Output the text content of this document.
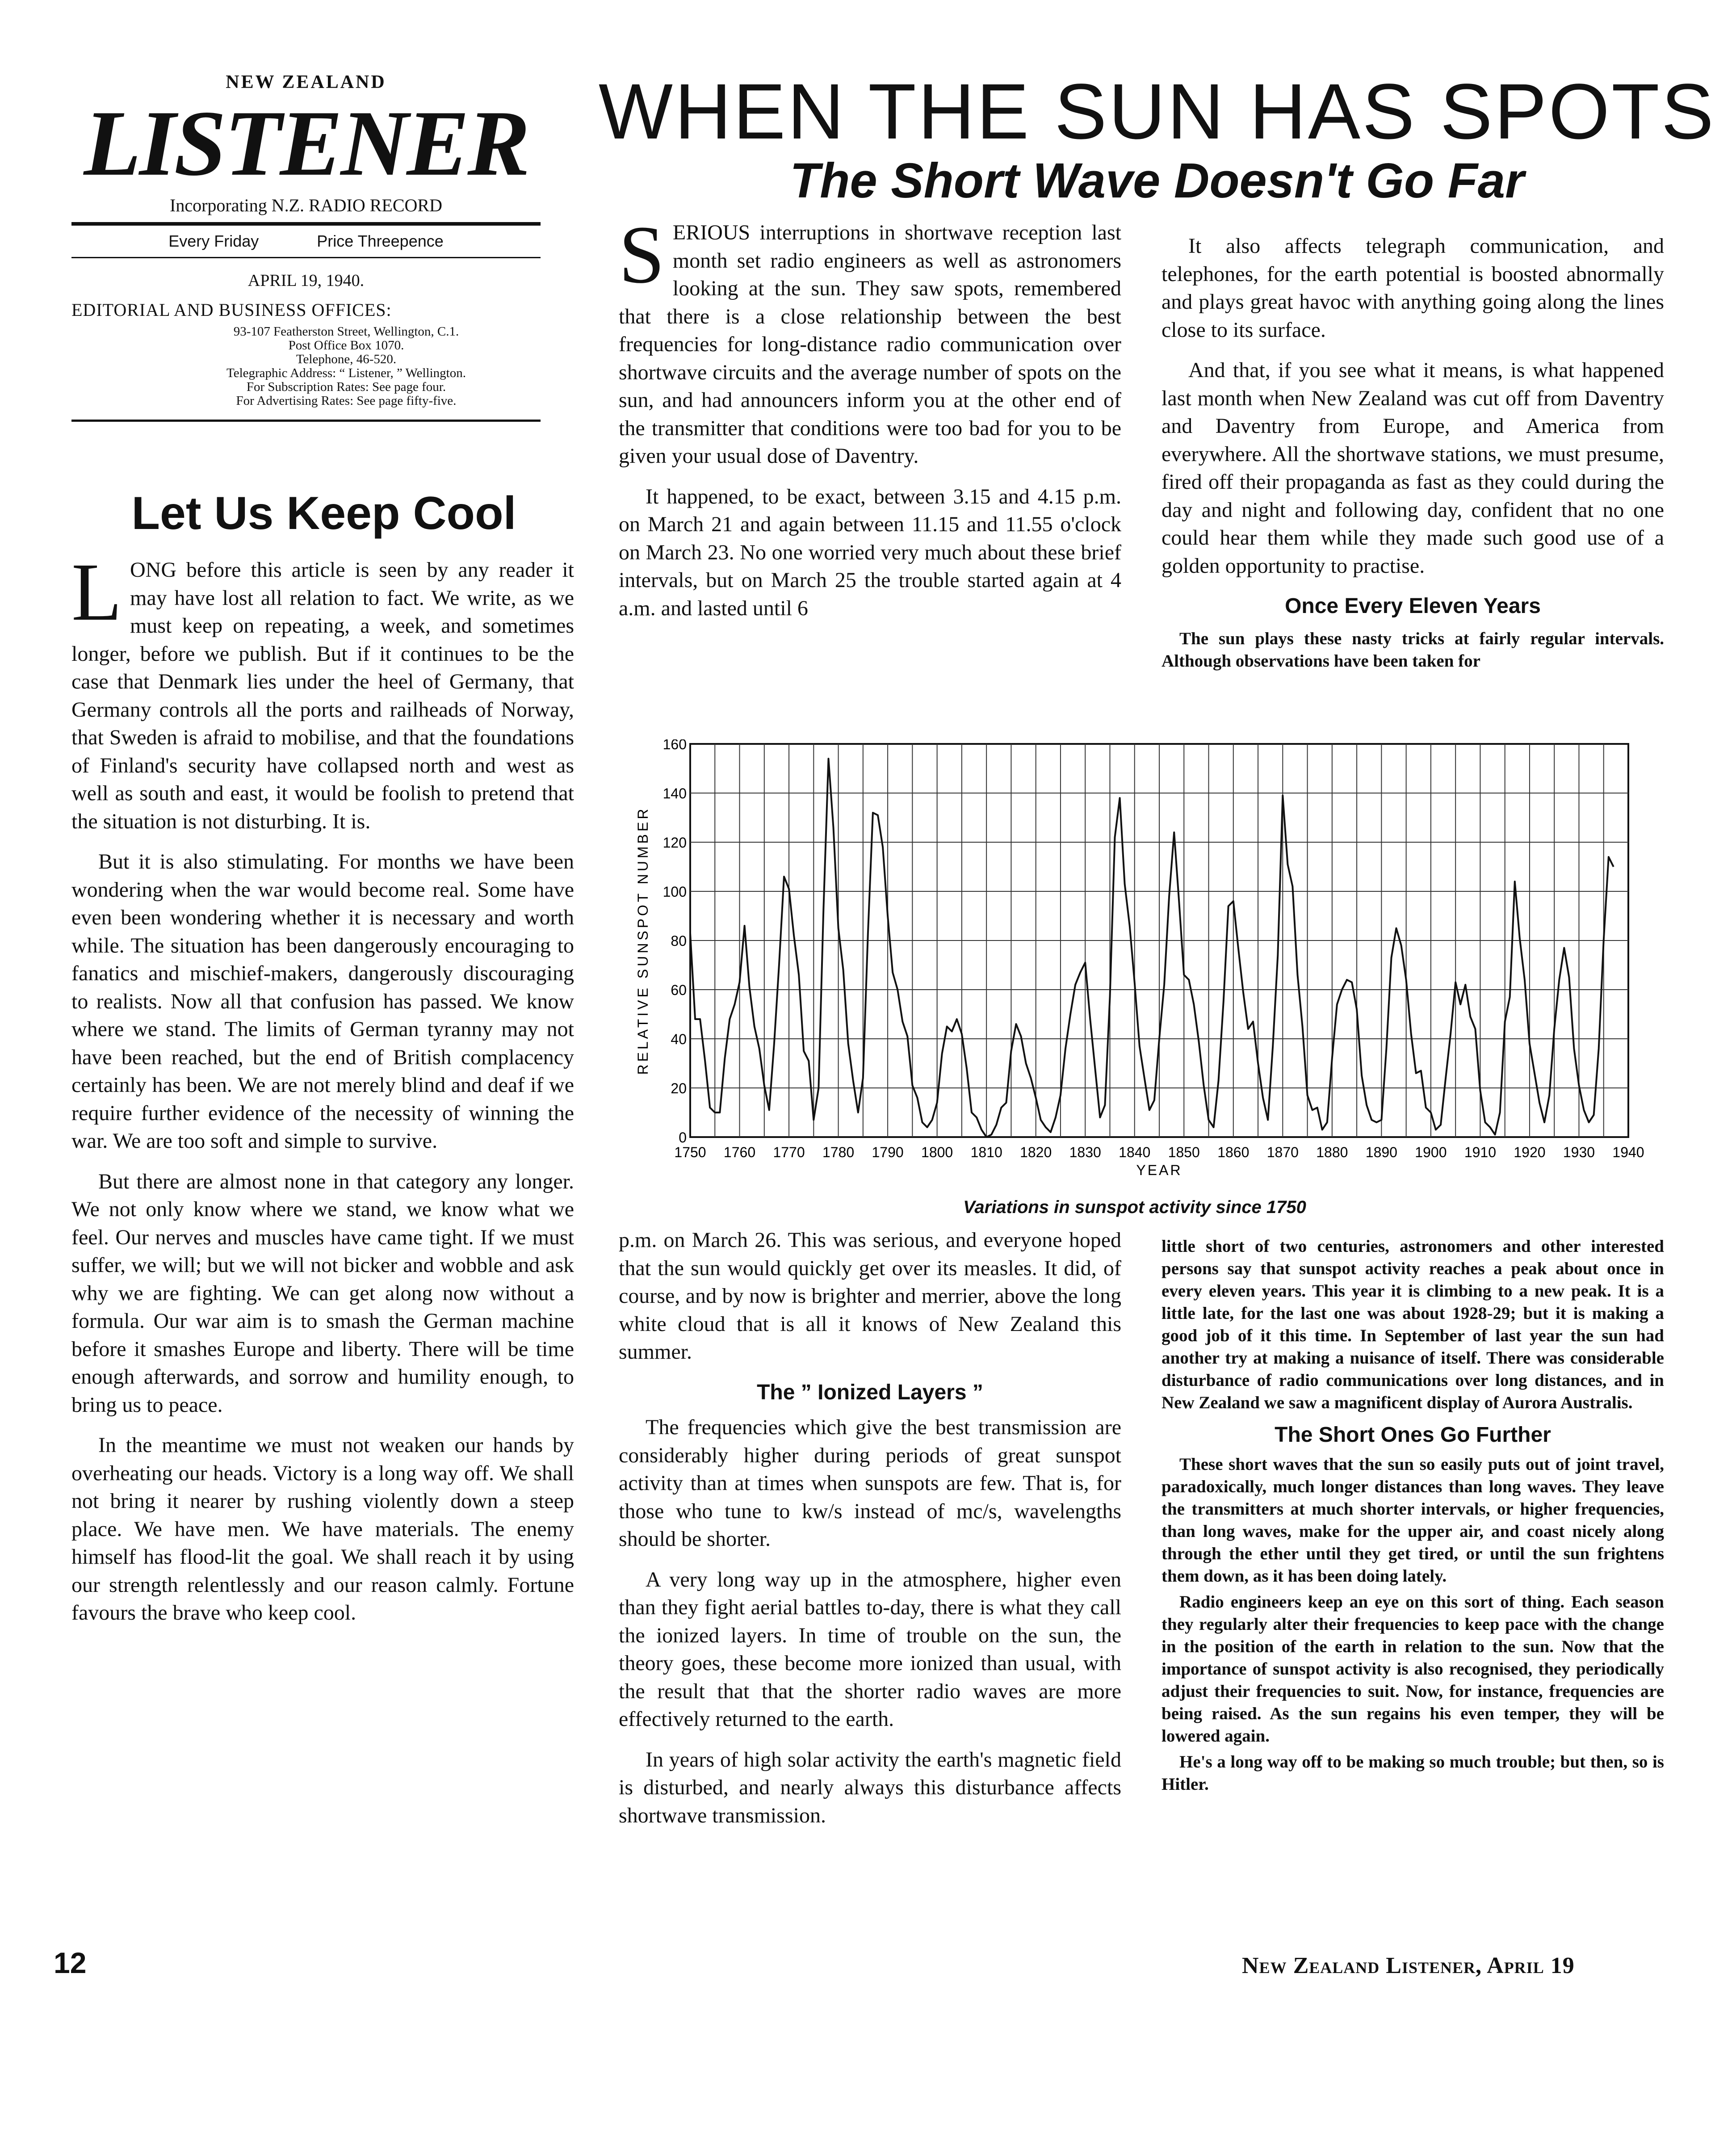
NEW ZEALAND
LISTENER
Incorporating N.Z. RADIO RECORD
Every Friday	Price Threepence
APRIL 19, 1940.
EDITORIAL AND BUSINESS OFFICES:
93-107 Featherston Street, Wellington, C.1.
Post Office Box 1070.
Telephone, 46-520.
Telegraphic Address: “ Listener, ” Wellington.
For Subscription Rates: See page four.
For Advertising Rates: See page fifty-five.
Let Us Keep Cool

LONG before this article is seen by any reader it may have lost all relation to fact. We write, as we must keep on repeating, a week, and sometimes longer, before we publish. But if it continues to be the case that Denmark lies under the heel of Germany, that Germany controls all the ports and railheads of Norway, that Sweden is afraid to mobilise, and that the foundations of Finland's security have collapsed north and west as well as south and east, it would be foolish to pretend that the situation is not disturbing. It is.

But it is also stimulating. For months we have been wondering when the war would become real. Some have even been wondering whether it is necessary and worth while. The situation has been dangerously encouraging to fanatics and mischief-makers, dangerously discouraging to realists. Now all that confusion has passed. We know where we stand. The limits of German tyranny may not have been reached, but the end of British complacency certainly has been. We are not merely blind and deaf if we require further evidence of the necessity of winning the war. We are too soft and simple to survive.

But there are almost none in that category any longer. We not only know where we stand, we know what we feel. Our nerves and muscles have came tight. If we must suffer, we will; but we will not bicker and wobble and ask why we are fighting. We can get along now without a formula. Our war aim is to smash the German machine before it smashes Europe and liberty. There will be time enough afterwards, and sorrow and humility enough, to bring us to peace.

In the meantime we must not weaken our hands by overheating our heads. Victory is a long way off. We shall not bring it nearer by rushing violently down a steep place. We have men. We have materials. The enemy himself has flood-lit the goal. We shall reach it by using our strength relentlessly and our reason calmly. Fortune favours the brave who keep cool.

WHEN THE SUN HAS SPOTS
The Short Wave Doesn't Go Far

SERIOUS interruptions in shortwave reception last month set radio engineers as well as astronomers looking at the sun. They saw spots, remembered that there is a close relationship between the best frequencies for long-distance radio communication over shortwave circuits and the average number of spots on the sun, and had announcers inform you at the other end of the transmitter that conditions were too bad for you to be given your usual dose of Daventry.

It happened, to be exact, between 3.15 and 4.15 p.m. on March 21 and again between 11.15 and 11.55 o'clock on March 23. No one worried very much about these brief intervals, but on March 25 the trouble started again at 4 a.m. and lasted until 6

It also affects telegraph communication, and telephones, for the earth potential is boosted abnormally and plays great havoc with anything going along the lines close to its surface.

And that, if you see what it means, is what happened last month when New Zealand was cut off from Daventry and Daventry from Europe, and America from everywhere. All the shortwave stations, we must presume, fired off their propaganda as fast as they could during the day and night and following day, confident that no one could hear them while they made such good use of a golden opportunity to practise.

Once Every Eleven Years

The sun plays these nasty tricks at fairly regular intervals. Although observations have been taken for

0
20
40
60
80
100
120
140
160
1750 1760 1770 1780 1790 1800 1810 1820 1830 1840 1850 1860 1870 1880 1890 1900 1910 1920 1930 1940
YEAR
RELATIVE SUNSPOT NUMBER
Variations in sunspot activity since 1750

p.m. on March 26. This was serious, and everyone hoped that the sun would quickly get over its measles. It did, of course, and by now is brighter and merrier, above the long white cloud that is all it knows of New Zealand this summer.

The ” Ionized Layers ”

The frequencies which give the best transmission are considerably higher during periods of great sunspot activity than at times when sunspots are few. That is, for those who tune to kw/s instead of mc/s, wavelengths should be shorter.

A very long way up in the atmosphere, higher even than they fight aerial battles to-day, there is what they call the ionized layers. In time of trouble on the sun, the theory goes, these become more ionized than usual, with the result that that the shorter radio waves are more effectively returned to the earth.

In years of high solar activity the earth's magnetic field is disturbed, and nearly always this disturbance affects shortwave transmission.

little short of two centuries, astronomers and other interested persons say that sunspot activity reaches a peak about once in every eleven years. This year it is climbing to a new peak. It is a little late, for the last one was about 1928-29; but it is making a good job of it this time. In September of last year the sun had another try at making a nuisance of itself. There was considerable disturbance of radio communications over long distances, and in New Zealand we saw a magnificent display of Aurora Australis.

The Short Ones Go Further

These short waves that the sun so easily puts out of joint travel, paradoxically, much longer distances than long waves. They leave the transmitters at much shorter intervals, or higher frequencies, than long waves, make for the upper air, and coast nicely along through the ether until they get tired, or until the sun frightens them down, as it has been doing lately.

Radio engineers keep an eye on this sort of thing. Each season they regularly alter their frequencies to keep pace with the change in the position of the earth in relation to the sun. Now that the importance of sunspot activity is also recognised, they periodically adjust their frequencies to suit. Now, for instance, frequencies are being raised. As the sun regains his even temper, they will be lowered again.

He's a long way off to be making so much trouble; but then, so is Hitler.

12	New Zealand Listener, April 19
